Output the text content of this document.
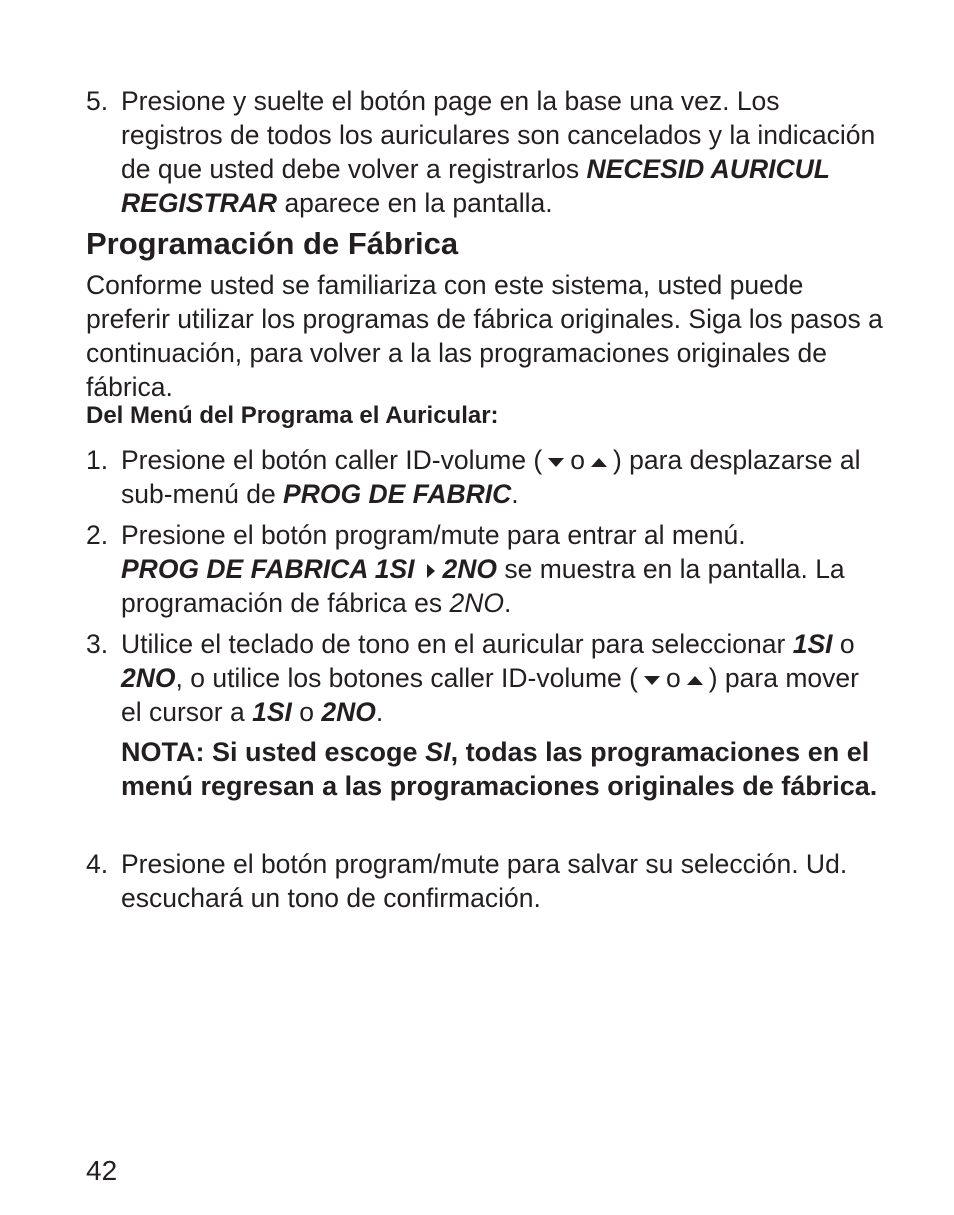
5. Presione y suelte el botón page en la base una vez. Los registros de todos los auriculares son cancelados y la indicación de que usted debe volver a registrarlos NECESID AURICUL REGISTRAR aparece en la pantalla.
Programación de Fábrica
Conforme usted se familiariza con este sistema, usted puede preferir utilizar los programas de fábrica originales. Siga los pasos a continuación, para volver a la las programaciones originales de fábrica.
Del Menú del Programa el Auricular:
1. Presione el botón caller ID-volume ( o ) para desplazarse al sub-menú de PROG DE FABRIC.
2. Presione el botón program/mute para entrar al menú.
PROG DE FABRICA 1SI 2NO se muestra en la pantalla. La programación de fábrica es 2NO.
3. Utilice el teclado de tono en el auricular para seleccionar 1SI o 2NO, o utilice los botones caller ID-volume ( o ) para mover el cursor a 1SI o 2NO.
NOTA: Si usted escoge SI, todas las programaciones en el menú regresan a las programaciones originales de fábrica.
4. Presione el botón program/mute para salvar su selección. Ud. escuchará un tono de confirmación.
42
